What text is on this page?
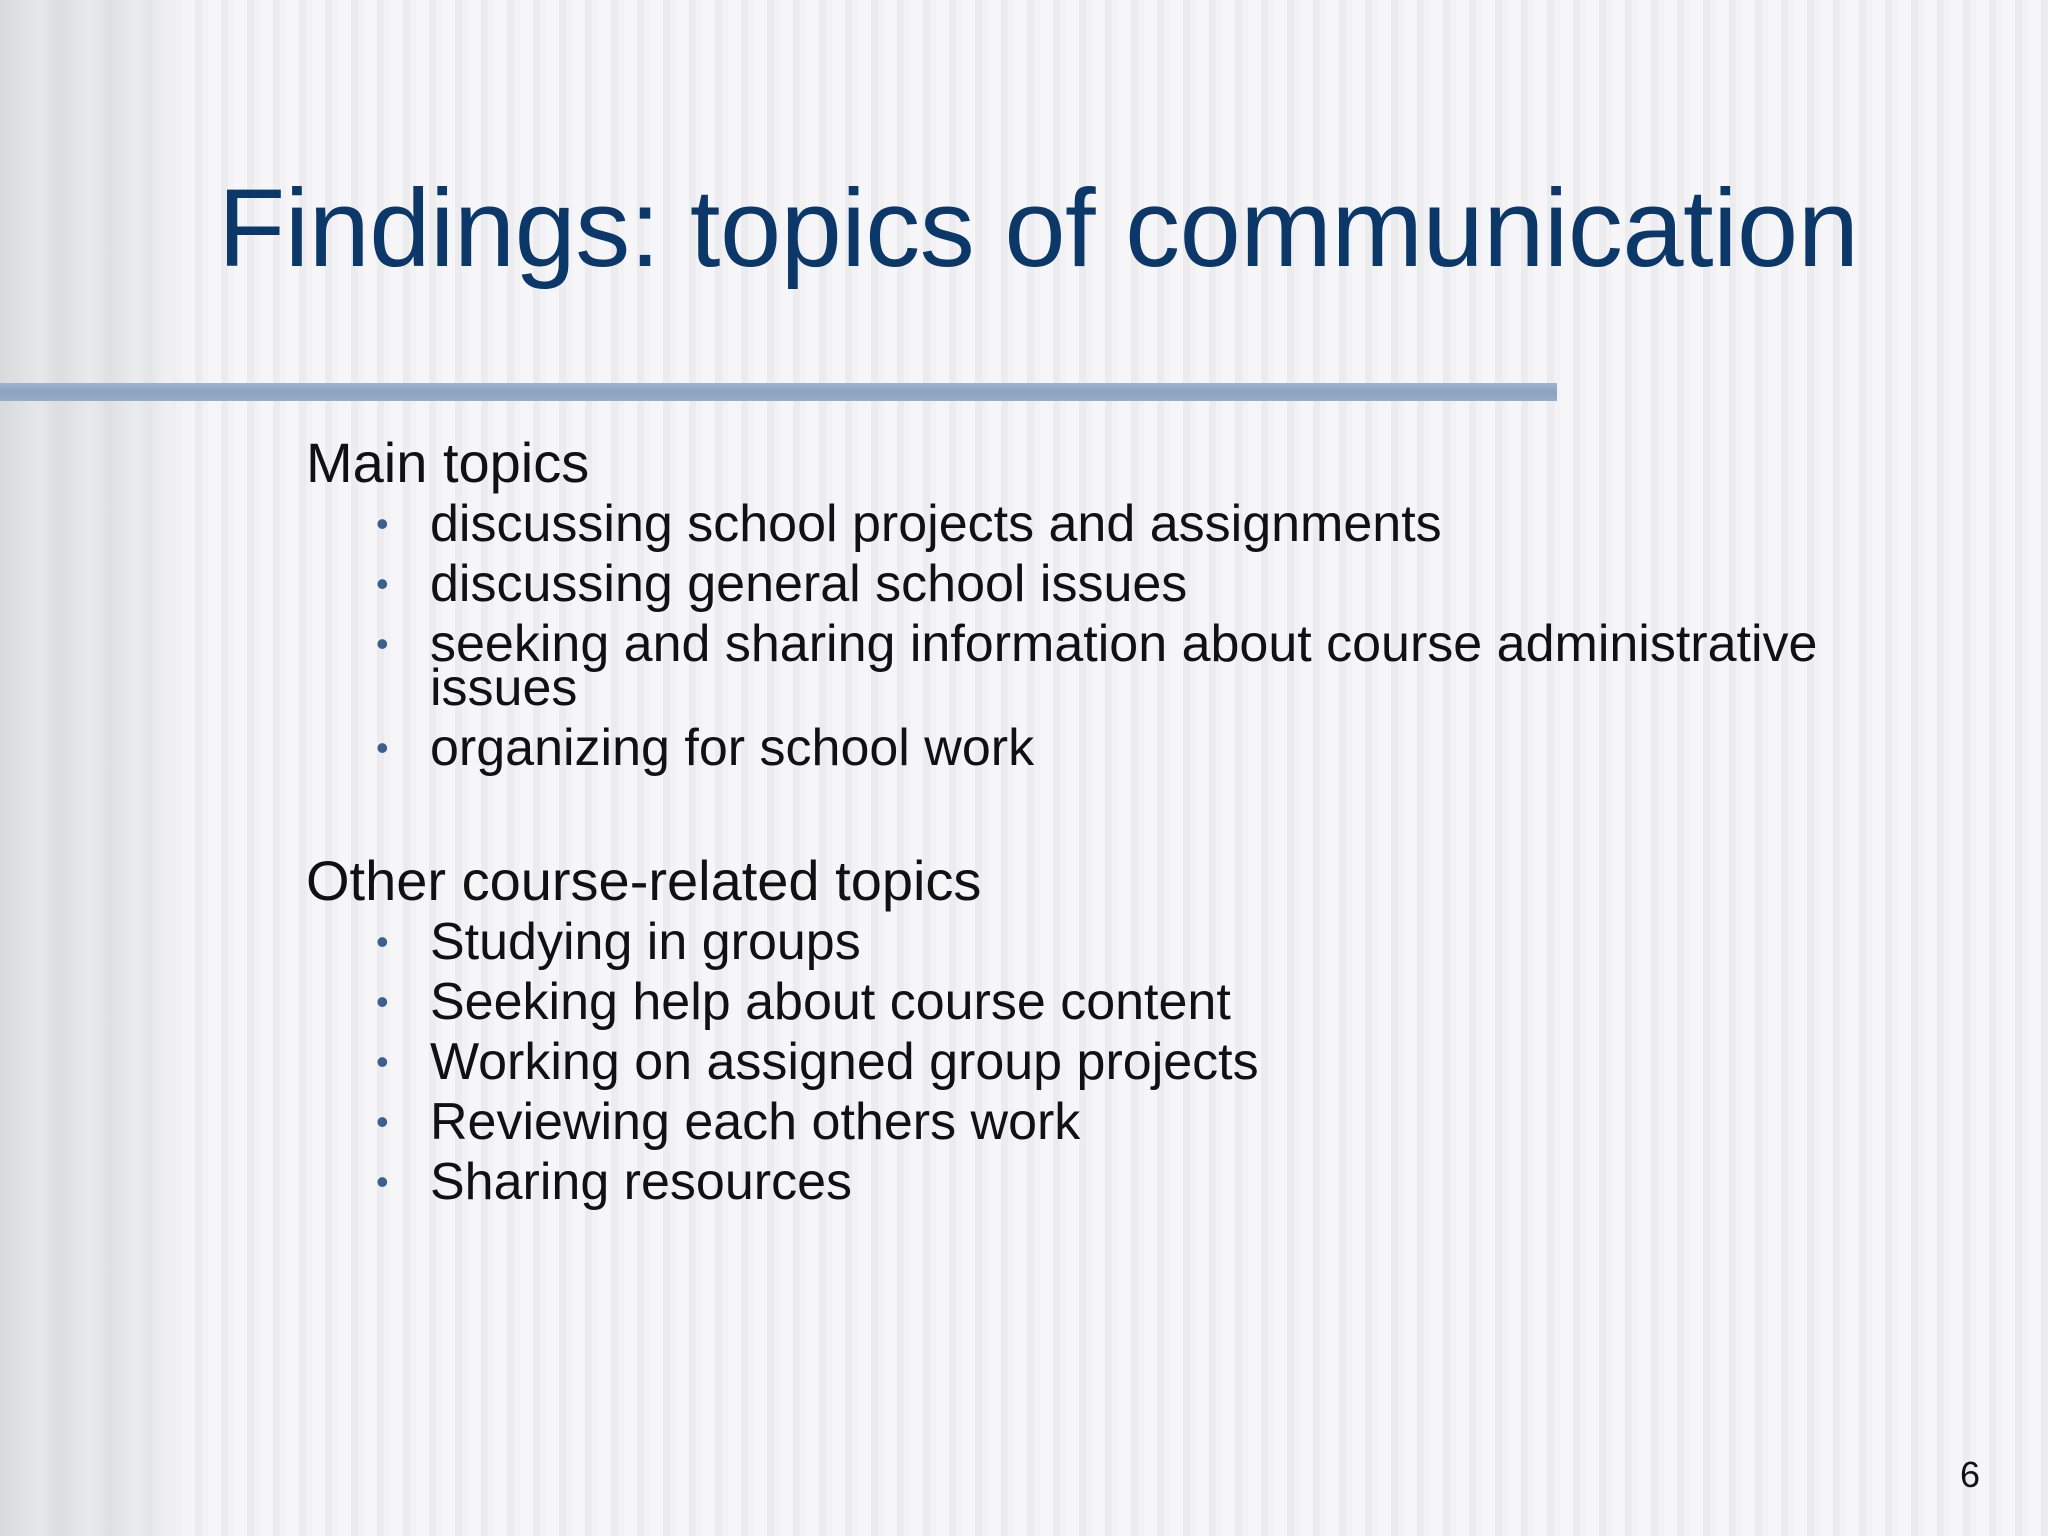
Findings: topics of communication

Main topics

• discussing school projects and assignments
• discussing general school issues
• seeking and sharing information about course administrative
issues
• organizing for school work

Other course-related topics

• Studying in groups
• Seeking help about course content
• Working on assigned group projects
• Reviewing each others work
• Sharing resources
6
